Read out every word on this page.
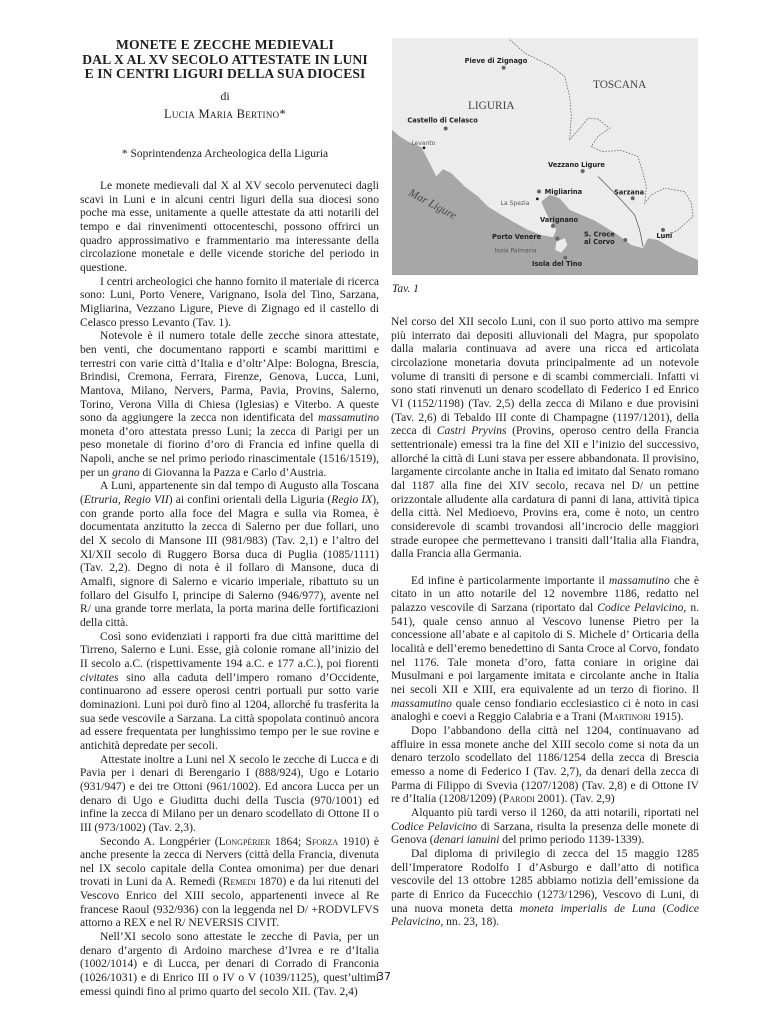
MONETE E ZECCHE MEDIEVALI
DAL X AL XV SECOLO ATTESTATE IN LUNI
E IN CENTRI LIGURI DELLA SUA DIOCESI
di
Lucia Maria Bertino*
* Soprintendenza Archeologica della Liguria

Le monete medievali dal X al XV secolo pervenuteci dagli scavi in Luni e in alcuni centri liguri della sua diocesi sono poche ma esse, unitamente a quelle attestate da atti notarili del tempo e dai rinvenimenti ottocenteschi, possono offrirci un quadro approssimativo e frammentario ma interessante della circolazione monetale e delle vicende storiche del periodo in questione.

I centri archeologici che hanno fornito il materiale di ricerca sono: Luni, Porto Venere, Varignano, Isola del Tino, Sarzana, Migliarina, Vezzano Ligure, Pieve di Zignago ed il castello di Celasco presso Levanto (Tav. 1).

Notevole è il numero totale delle zecche sinora attestate, ben venti, che documentano rapporti e scambi marittimi e terrestri con varie città d’Italia e d’oltr’Alpe: Bologna, Brescia, Brindisi, Cremona, Ferrara, Firenze, Genova, Lucca, Luni, Mantova, Milano, Nervers, Parma, Pavia, Provins, Salerno, Torino, Verona Villa di Chiesa (Iglesias) e Viterbo. A queste sono da aggiungere la zecca non identificata del massamutino moneta d’oro attestata presso Luni; la zecca di Parigi per un peso monetale di fiorino d’oro di Francia ed infine quella di Napoli, anche se nel primo periodo rinascimentale (1516/1519), per un grano di Giovanna la Pazza e Carlo d’Austria.

A Luni, appartenente sin dal tempo di Augusto alla Toscana (Etruria, Regio VII) ai confini orientali della Liguria (Regio IX), con grande porto alla foce del Magra e sulla via Romea, è documentata anzitutto la zecca di Salerno per due follari, uno del X secolo di Mansone III (981/983) (Tav. 2,1) e l’altro del XI/XII secolo di Ruggero Borsa duca di Puglia (1085/1111) (Tav. 2,2). Degno di nota è il follaro di Mansone, duca di Amalfi, signore di Salerno e vicario imperiale, ribattuto su un follaro del Gisulfo I, principe di Salerno (946/977), avente nel R/ una grande torre merlata, la porta marina delle fortificazioni della città.

Così sono evidenziati i rapporti fra due città marittime del Tirreno, Salerno e Luni. Esse, già colonie romane all’inizio del II secolo a.C. (rispettivamente 194 a.C. e 177 a.C.), poi fiorenti civitates sino alla caduta dell’impero romano d’Occidente, continuarono ad essere operosi centri portuali pur sotto varie dominazioni. Luni poi durò fino al 1204, allorché fu trasferita la sua sede vescovile a Sarzana. La città spopolata continuò ancora ad essere frequentata per lunghissimo tempo per le sue rovine e antichità depredate per secoli.

Attestate inoltre a Luni nel X secolo le zecche di Lucca e di Pavia per i denari di Berengario I (888/924), Ugo e Lotario (931/947) e dei tre Ottoni (961/1002). Ed ancora Lucca per un denaro di Ugo e Giuditta duchi della Tuscia (970/1001) ed infine la zecca di Milano per un denaro scodellato di Ottone II o III (973/1002) (Tav. 2,3).

Secondo A. Longpérier (Longpérier 1864; Sforza 1910) è anche presente la zecca di Nervers (città della Francia, divenuta nel IX secolo capitale della Contea omonima) per due denari trovati in Luni da A. Remedi (Remedi 1870) e da lui ritenuti del Vescovo Enrico del XIII secolo, appartenenti invece al Re francese Raoul (932/936) con la leggenda nel D/ +RODVLFVS attorno a REX e nel R/ NEVERSIS CIVIT.

Nell’XI secolo sono attestate le zecche di Pavia, per un denaro d’argento di Ardoino marchese d’Ivrea e re d’Italia (1002/1014) e di Lucca, per denari di Corrado di Franconia (1026/1031) e di Enrico III o IV o V (1039/1125), quest’ultimi emessi quindi fino al primo quarto del secolo XII. (Tav. 2,4)

LIGURIA
TOSCANA
Mar Ligure
Pieve di Zignago
Castello di Celasco
Levanto
Vezzano Ligure
Migliarina
La Spezia
Sarzana
Varignano
Porto Venere S. Croce
al Corvo
Luni
Isola Palmaria
Isola del Tino
Tav. 1

Nel corso del XII secolo Luni, con il suo porto attivo ma sempre più interrato dai depositi alluvionali del Magra, pur spopolato dalla malaria continuava ad avere una ricca ed articolata circolazione monetaria dovuta principalmente ad un notevole volume di transiti di persone e di scambi commerciali. Infatti vi sono stati rinvenuti un denaro scodellato di Federico I ed Enrico VI (1152/1198) (Tav. 2,5) della zecca di Milano e due provisini (Tav. 2,6) di Tebaldo III conte di Champagne (1197/1201), della zecca di Castri Pryvins (Provins, operoso centro della Francia settentrionale) emessi tra la fine del XII e l’inizio del successivo, allorché la città di Luni stava per essere abbandonata. Il provisino, largamente circolante anche in Italia ed imitato dal Senato romano dal 1187 alla fine dei XIV secolo, recava nel D/ un pettine orizzontale alludente alla cardatura di panni di lana, attività tipica della città. Nel Medioevo, Provins era, come è noto, un centro considerevole di scambi trovandosi all’incrocio delle maggiori strade europee che permettevano i transiti dall’Italia alla Fiandra, dalla Francia alla Germania.

Ed infine è particolarmente importante il massamutino che è citato in un atto notarile del 12 novembre 1186, redatto nel palazzo vescovile di Sarzana (riportato dal Codice Pelavicino, n. 541), quale censo annuo al Vescovo lunense Pietro per la concessione all’abate e al capitolo di S. Michele d’ Orticaria della località e dell’eremo benedettino di Santa Croce al Corvo, fondato nel 1176. Tale moneta d’oro, fatta coniare in origine dai Musulmani e poi largamente imitata e circolante anche in Italia nei secoli XII e XIII, era equivalente ad un terzo di fiorino. Il massamutino quale censo fondiario ecclesiastico ci è noto in casi analoghi e coevi a Reggio Calabria e a Trani (Martinori 1915).

Dopo l’abbandono della città nel 1204, continuavano ad affluire in essa monete anche del XIII secolo come si nota da un denaro terzolo scodellato del 1186/1254 della zecca di Brescia emesso a nome di Federico I (Tav. 2,7), da denari della zecca di Parma di Filippo di Svevia (1207/1208) (Tav. 2,8) e di Ottone IV re d’Italia (1208/1209) (Parodi 2001). (Tav. 2,9)

Alquanto più tardi verso il 1260, da atti notarili, riportati nel Codice Pelavicino di Sarzana, risulta la presenza delle monete di Genova (denari ianuini del primo periodo 1139-1339).

Dal diploma di privilegio di zecca del 15 maggio 1285 dell’Imperatore Rodolfo I d’Asburgo e dall’atto di notifica vescovile del 13 ottobre 1285 abbiamo notizia dell’emissione da parte di Enrico da Fucecchio (1273/1296), Vescovo di Luni, di una nuova moneta detta moneta imperialis de Luna (Codice Pelavicino, nn. 23, 18).

37
